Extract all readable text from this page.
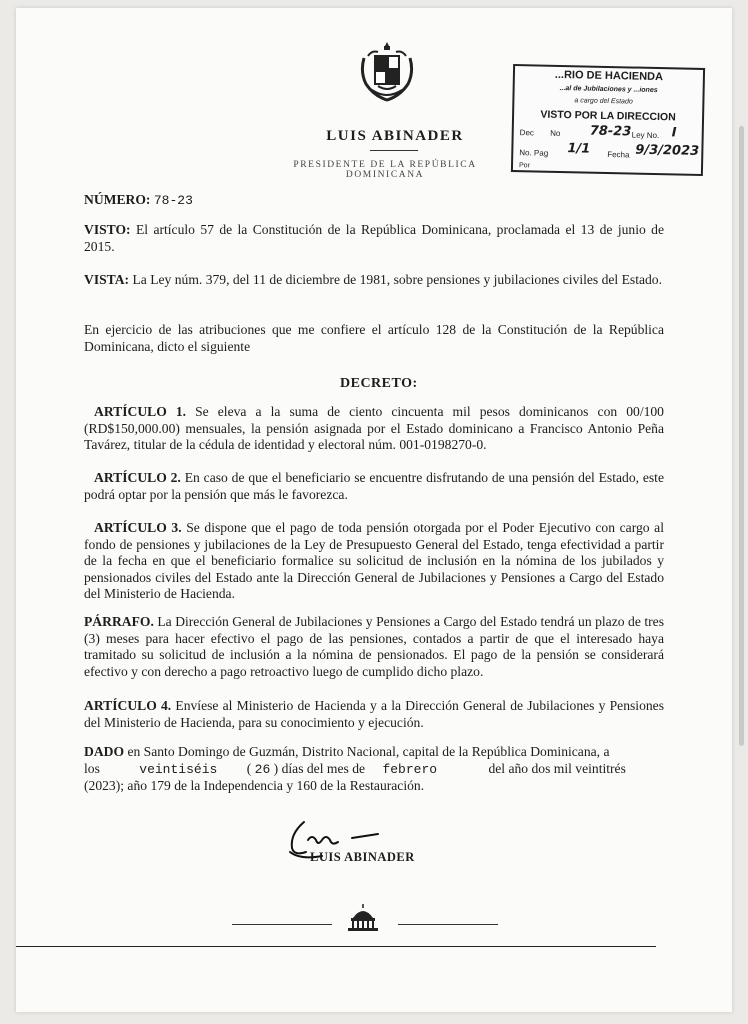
LUIS ABINADER
PRESIDENTE DE LA REPÚBLICA DOMINICANA
...RIO DE HACIENDA
...al de Jubilaciones y ...iones
a cargo del Estado
VISTO POR LA DIRECCION
Dec No 78-23 Ley No. I
No. Pag 1/1 Fecha 9/3/2023
Por
NÚMERO: 78-23
VISTO: El artículo 57 de la Constitución de la República Dominicana, proclamada el 13 de junio de 2015.
VISTA: La Ley núm. 379, del 11 de diciembre de 1981, sobre pensiones y jubilaciones civiles del Estado.
En ejercicio de las atribuciones que me confiere el artículo 128 de la Constitución de la República Dominicana, dicto el siguiente
DECRETO:
ARTÍCULO 1. Se eleva a la suma de ciento cincuenta mil pesos dominicanos con 00/100 (RD$150,000.00) mensuales, la pensión asignada por el Estado dominicano a Francisco Antonio Peña Tavárez, titular de la cédula de identidad y electoral núm. 001-0198270-0.
ARTÍCULO 2. En caso de que el beneficiario se encuentre disfrutando de una pensión del Estado, este podrá optar por la pensión que más le favorezca.
ARTÍCULO 3. Se dispone que el pago de toda pensión otorgada por el Poder Ejecutivo con cargo al fondo de pensiones y jubilaciones de la Ley de Presupuesto General del Estado, tenga efectividad a partir de la fecha en que el beneficiario formalice su solicitud de inclusión en la nómina de los jubilados y pensionados civiles del Estado ante la Dirección General de Jubilaciones y Pensiones a Cargo del Estado del Ministerio de Hacienda.
PÁRRAFO. La Dirección General de Jubilaciones y Pensiones a Cargo del Estado tendrá un plazo de tres (3) meses para hacer efectivo el pago de las pensiones, contados a partir de que el interesado haya tramitado su solicitud de inclusión a la nómina de pensionados. El pago de la pensión se considerará efectivo y con derecho a pago retroactivo luego de cumplido dicho plazo.
ARTÍCULO 4. Envíese al Ministerio de Hacienda y a la Dirección General de Jubilaciones y Pensiones del Ministerio de Hacienda, para su conocimiento y ejecución.
DADO en Santo Domingo de Guzmán, Distrito Nacional, capital de la República Dominicana, a
los	veintiséis ( 26 ) días del mes de febrero	del año dos mil veintitrés
(2023); año 179 de la Independencia y 160 de la Restauración.
LUIS ABINADER
